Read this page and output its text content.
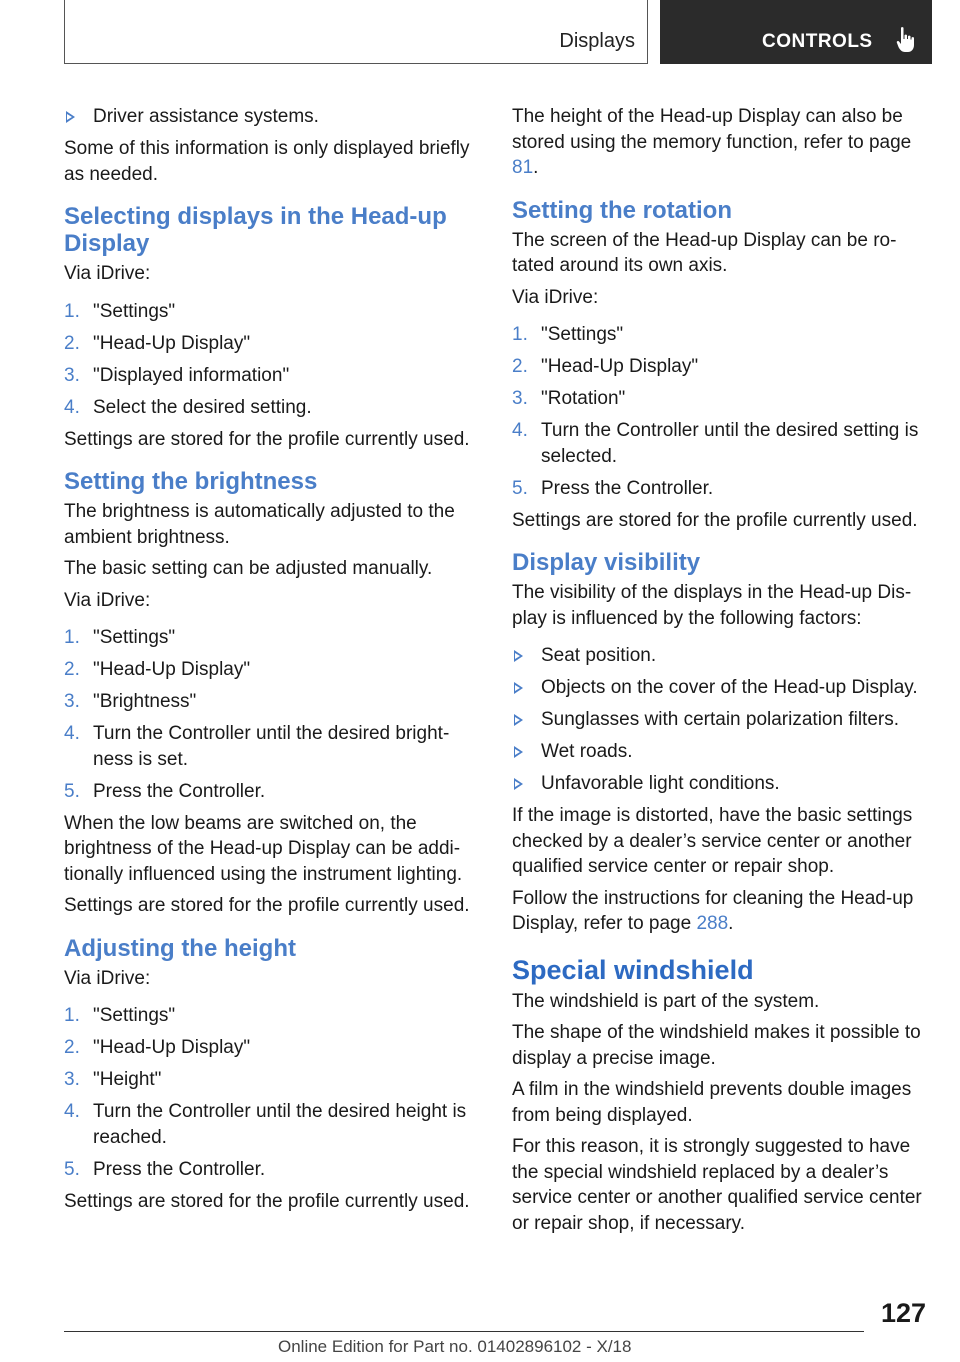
Displays	CONTROLS
Driver assistance systems.

Some of this information is only displayed briefly as needed.

Selecting displays in the Head-up Display

Via iDrive:

1. "Settings"
2. "Head-Up Display"
3. "Displayed information"
4. Select the desired setting.

Settings are stored for the profile currently used.

Setting the brightness

The brightness is automatically adjusted to the ambient brightness.

The basic setting can be adjusted manually.

Via iDrive:

1. "Settings"
2. "Head-Up Display"
3. "Brightness"
4. Turn the Controller until the desired brightness is set.
5. Press the Controller.

When the low beams are switched on, the brightness of the Head-up Display can be additionally influenced using the instrument lighting.

Settings are stored for the profile currently used.

Adjusting the height

Via iDrive:

1. "Settings"
2. "Head-Up Display"
3. "Height"
4. Turn the Controller until the desired height is reached.
5. Press the Controller.

Settings are stored for the profile currently used.

The height of the Head-up Display can also be stored using the memory function, refer to page 81.

Setting the rotation

The screen of the Head-up Display can be rotated around its own axis.

Via iDrive:

1. "Settings"
2. "Head-Up Display"
3. "Rotation"
4. Turn the Controller until the desired setting is selected.
5. Press the Controller.

Settings are stored for the profile currently used.

Display visibility

The visibility of the displays in the Head-up Display is influenced by the following factors:

Seat position.
Objects on the cover of the Head-up Display.
Sunglasses with certain polarization filters.
Wet roads.
Unfavorable light conditions.

If the image is distorted, have the basic settings checked by a dealer’s service center or another qualified service center or repair shop.

Follow the instructions for cleaning the Head-up Display, refer to page 288.

Special windshield

The windshield is part of the system.

The shape of the windshield makes it possible to display a precise image.

A film in the windshield prevents double images from being displayed.

For this reason, it is strongly suggested to have the special windshield replaced by a dealer’s service center or another qualified service center or repair shop, if necessary.

127
Online Edition for Part no. 01402896102 - X/18
